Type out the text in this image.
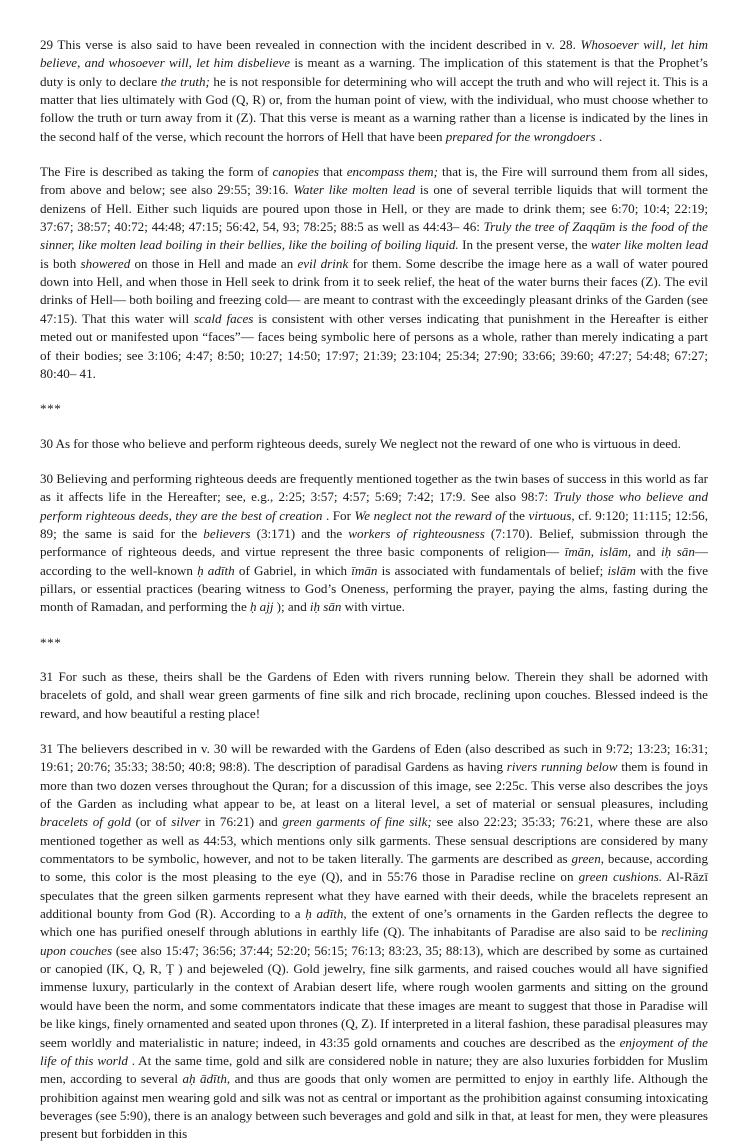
29 This verse is also said to have been revealed in connection with the incident described in v. 28. Whosoever will, let him believe, and whosoever will, let him disbelieve is meant as a warning. The implication of this statement is that the Prophet’s duty is only to declare the truth; he is not responsible for determining who will accept the truth and who will reject it. This is a matter that lies ultimately with God (Q, R) or, from the human point of view, with the individual, who must choose whether to follow the truth or turn away from it (Z). That this verse is meant as a warning rather than a license is indicated by the lines in the second half of the verse, which recount the horrors of Hell that have been prepared for the wrongdoers .

The Fire is described as taking the form of canopies that encompass them; that is, the Fire will surround them from all sides, from above and below; see also 29:55; 39:16. Water like molten lead is one of several terrible liquids that will torment the denizens of Hell. Either such liquids are poured upon those in Hell, or they are made to drink them; see 6:70; 10:4; 22:19; 37:67; 38:57; 40:72; 44:48; 47:15; 56:42, 54, 93; 78:25; 88:5 as well as 44:43– 46: Truly the tree of Zaqqūm is the food of the sinner, like molten lead boiling in their bellies, like the boiling of boiling liquid. In the present verse, the water like molten lead is both showered on those in Hell and made an evil drink for them. Some describe the image here as a wall of water poured down into Hell, and when those in Hell seek to drink from it to seek relief, the heat of the water burns their faces (Z). The evil drinks of Hell— both boiling and freezing cold— are meant to contrast with the exceedingly pleasant drinks of the Garden (see 47:15). That this water will scald faces is consistent with other verses indicating that punishment in the Hereafter is either meted out or manifested upon “faces”— faces being symbolic here of persons as a whole, rather than merely indicating a part of their bodies; see 3:106; 4:47; 8:50; 10:27; 14:50; 17:97; 21:39; 23:104; 25:34; 27:90; 33:66; 39:60; 47:27; 54:48; 67:27; 80:40– 41.

***

30 As for those who believe and perform righteous deeds, surely We neglect not the reward of one who is virtuous in deed.

30 Believing and performing righteous deeds are frequently mentioned together as the twin bases of success in this world as far as it affects life in the Hereafter; see, e.g., 2:25; 3:57; 4:57; 5:69; 7:42; 17:9. See also 98:7: Truly those who believe and perform righteous deeds, they are the best of creation . For We neglect not the reward of the virtuous, cf. 9:120; 11:115; 12:56, 89; the same is said for the believers (3:171) and the workers of righteousness (7:170). Belief, submission through the performance of righteous deeds, and virtue represent the three basic components of religion— īmān, islām, and iḥ sān— according to the well-known ḥ adīth of Gabriel, in which īmān is associated with fundamentals of belief; islām with the five pillars, or essential practices (bearing witness to God’s Oneness, performing the prayer, paying the alms, fasting during the month of Ramadan, and performing the ḥ ajj ); and iḥ sān with virtue.

***

31 For such as these, theirs shall be the Gardens of Eden with rivers running below. Therein they shall be adorned with bracelets of gold, and shall wear green garments of fine silk and rich brocade, reclining upon couches. Blessed indeed is the reward, and how beautiful a resting place!

31 The believers described in v. 30 will be rewarded with the Gardens of Eden (also described as such in 9:72; 13:23; 16:31; 19:61; 20:76; 35:33; 38:50; 40:8; 98:8). The description of paradisal Gardens as having rivers running below them is found in more than two dozen verses throughout the Quran; for a discussion of this image, see 2:25c. This verse also describes the joys of the Garden as including what appear to be, at least on a literal level, a set of material or sensual pleasures, including bracelets of gold (or of silver in 76:21) and green garments of fine silk; see also 22:23; 35:33; 76:21, where these are also mentioned together as well as 44:53, which mentions only silk garments. These sensual descriptions are considered by many commentators to be symbolic, however, and not to be taken literally. The garments are described as green, because, according to some, this color is the most pleasing to the eye (Q), and in 55:76 those in Paradise recline on green cushions. Al-Rāzī speculates that the green silken garments represent what they have earned with their deeds, while the bracelets represent an additional bounty from God (R). According to a ḥ adīth, the extent of one’s ornaments in the Garden reflects the degree to which one has purified oneself through ablutions in earthly life (Q). The inhabitants of Paradise are also said to be reclining upon couches (see also 15:47; 36:56; 37:44; 52:20; 56:15; 76:13; 83:23, 35; 88:13), which are described by some as curtained or canopied (IK, Q, R, Ṭ ) and bejeweled (Q). Gold jewelry, fine silk garments, and raised couches would all have signified immense luxury, particularly in the context of Arabian desert life, where rough woolen garments and sitting on the ground would have been the norm, and some commentators indicate that these images are meant to suggest that those in Paradise will be like kings, finely ornamented and seated upon thrones (Q, Z). If interpreted in a literal fashion, these paradisal pleasures may seem worldly and materialistic in nature; indeed, in 43:35 gold ornaments and couches are described as the enjoyment of the life of this world . At the same time, gold and silk are considered noble in nature; they are also luxuries forbidden for Muslim men, according to several aḥ ādīth, and thus are goods that only women are permitted to enjoy in earthly life. Although the prohibition against men wearing gold and silk was not as central or important as the prohibition against consuming intoxicating beverages (see 5:90), there is an analogy between such beverages and gold and silk in that, at least for men, they were pleasures present but forbidden in this
